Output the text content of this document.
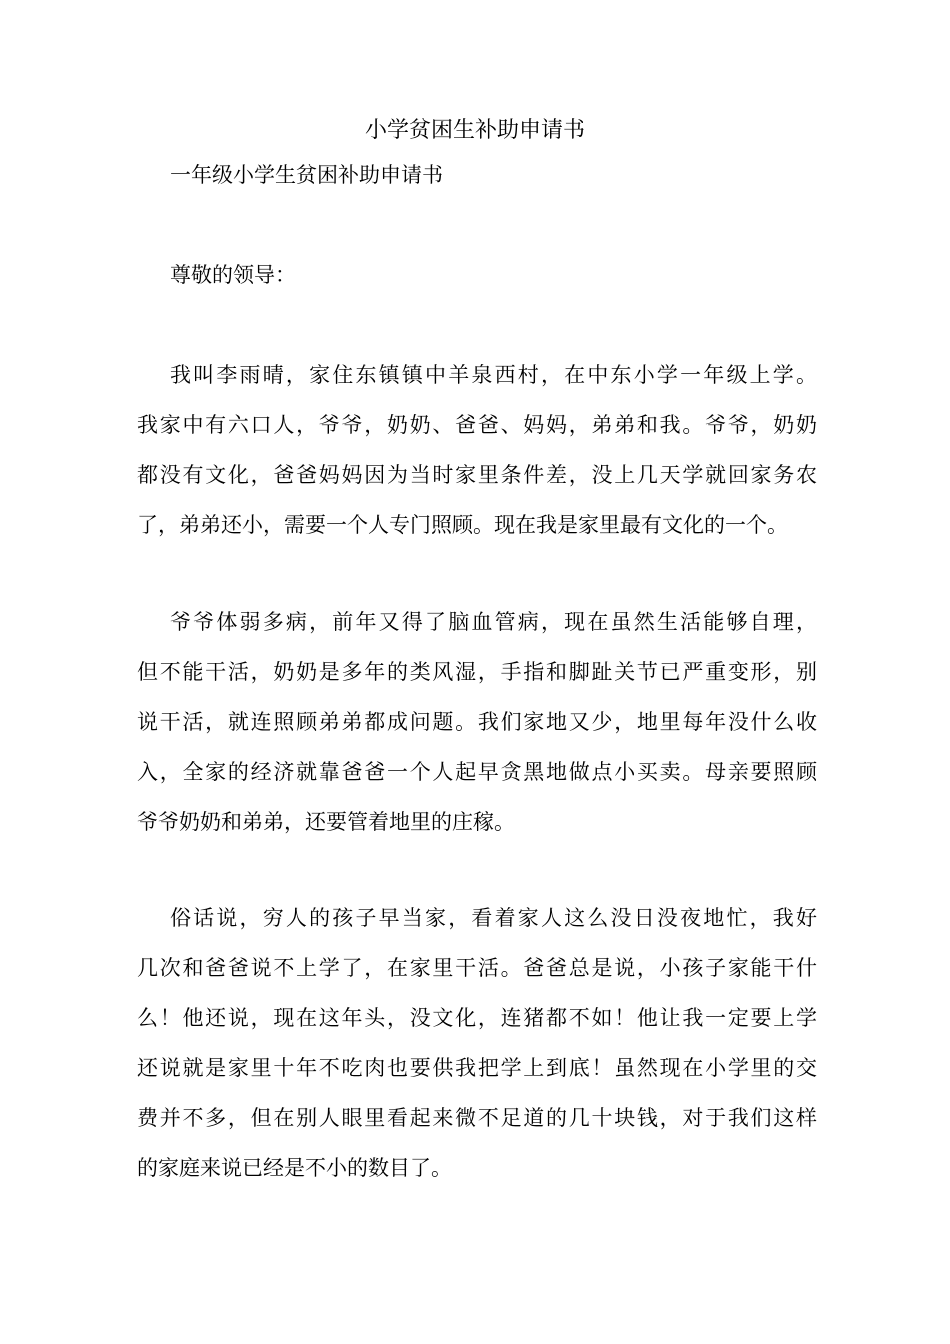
小学贫困生补助申请书
一年级小学生贫困补助申请书
尊敬的领导：
我叫李雨晴，家住东镇镇中羊泉西村，在中东小学一年级上学。
我家中有六口人，爷爷，奶奶、爸爸、妈妈，弟弟和我。爷爷，奶奶
都没有文化，爸爸妈妈因为当时家里条件差，没上几天学就回家务农
了，弟弟还小，需要一个人专门照顾。现在我是家里最有文化的一个。
爷爷体弱多病，前年又得了脑血管病，现在虽然生活能够自理，
但不能干活，奶奶是多年的类风湿，手指和脚趾关节已严重变形，别
说干活，就连照顾弟弟都成问题。我们家地又少，地里每年没什么收
入，全家的经济就靠爸爸一个人起早贪黑地做点小买卖。母亲要照顾
爷爷奶奶和弟弟，还要管着地里的庄稼。
俗话说，穷人的孩子早当家，看着家人这么没日没夜地忙，我好
几次和爸爸说不上学了，在家里干活。爸爸总是说，小孩子家能干什
么！他还说，现在这年头，没文化，连猪都不如！他让我一定要上学
还说就是家里十年不吃肉也要供我把学上到底！虽然现在小学里的交
费并不多，但在别人眼里看起来微不足道的几十块钱，对于我们这样
的家庭来说已经是不小的数目了。
